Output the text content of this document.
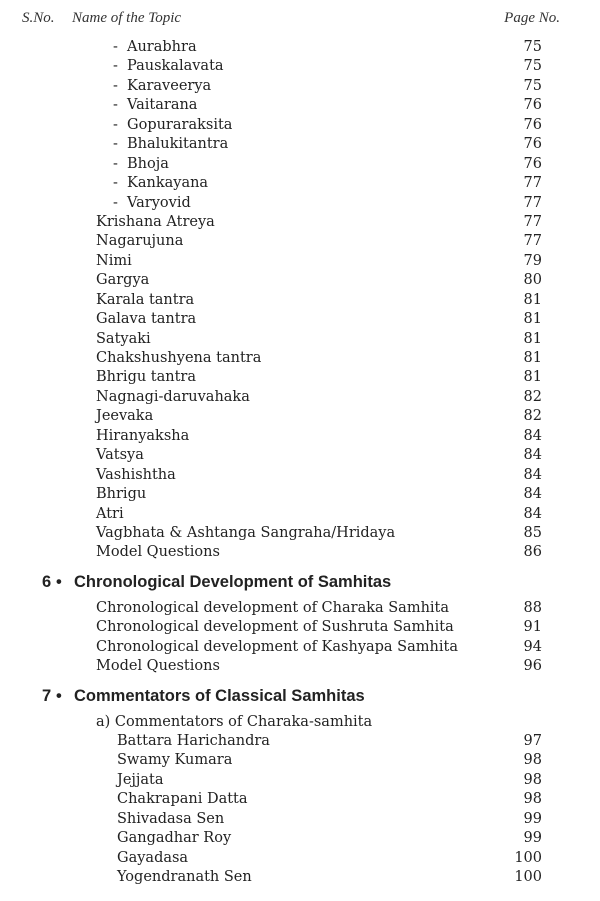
S.No. Name of the Topic	Page No.
- Aurabhra	75
- Pauskalavata	75
- Karaveerya	75
- Vaitarana	76
- Gopuraraksita	76
- Bhalukitantra	76
- Bhoja	76
- Kankayana	77
- Varyovid	77
Krishana Atreya	77
Nagarujuna	77
Nimi	79
Gargya	80
Karala tantra	81
Galava tantra	81
Satyaki	81
Chakshushyena tantra	81
Bhrigu tantra	81
Nagnagi-daruvahaka	82
Jeevaka	82
Hiranyaksha	84
Vatsya	84
Vashishtha	84
Bhrigu	84
Atri	84
Vagbhata & Ashtanga Sangraha/Hridaya	85
Model Questions	86
6 • Chronological Development of Samhitas
Chronological development of Charaka Samhita	88
Chronological development of Sushruta Samhita	91
Chronological development of Kashyapa Samhita	94
Model Questions	96
7 • Commentators of Classical Samhitas
a) Commentators of Charaka-samhita
Battara Harichandra	97
Swamy Kumara	98
Jejjata	98
Chakrapani Datta	98
Shivadasa Sen	99
Gangadhar Roy	99
Gayadasa	100
Yogendranath Sen	100
